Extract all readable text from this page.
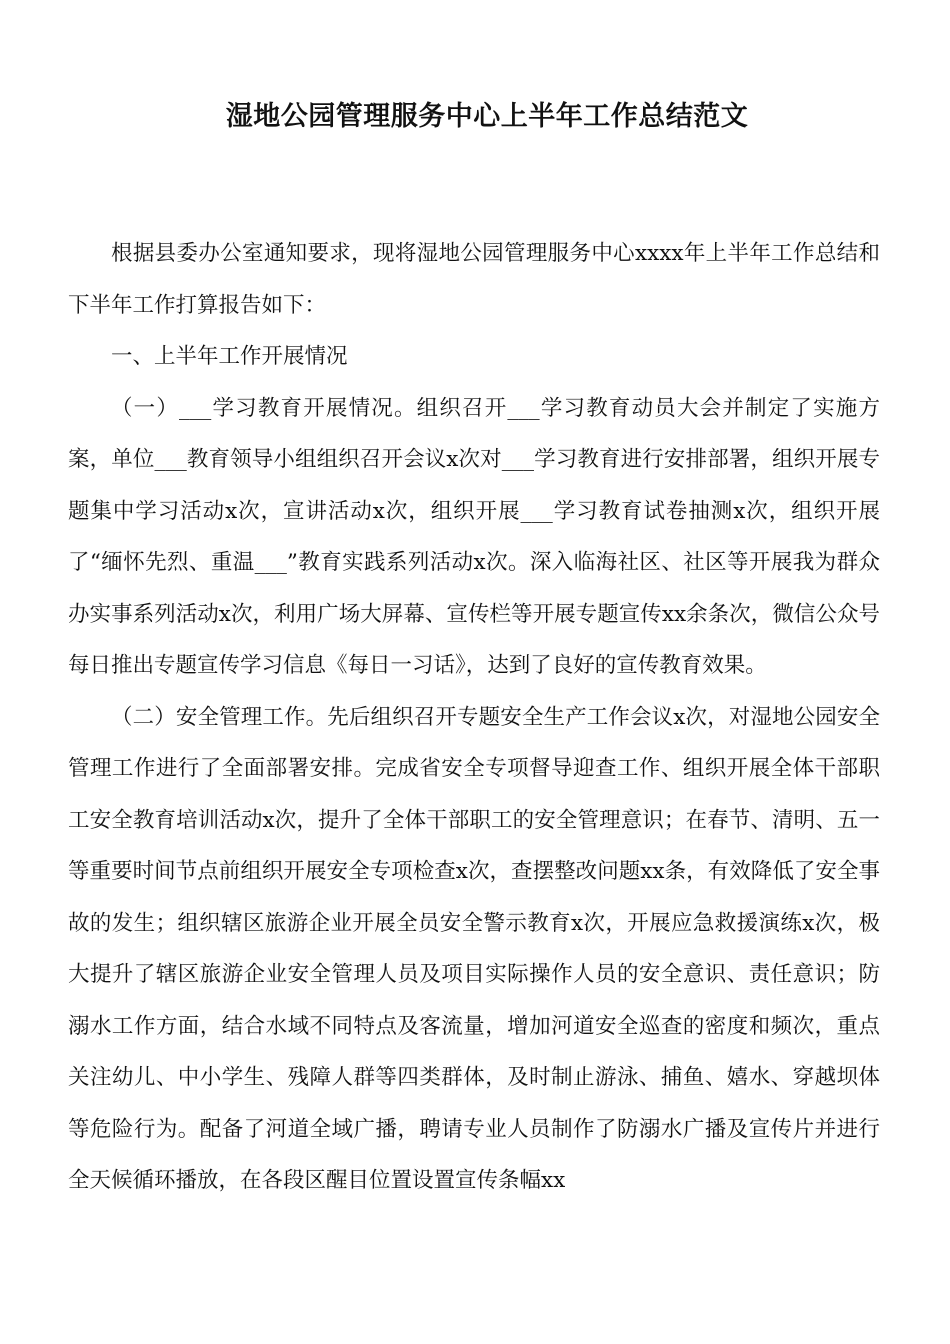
湿地公园管理服务中心上半年工作总结范文

根据县委办公室通知要求，现将湿地公园管理服务中心xxxx年上半年工作总结和下半年工作打算报告如下：

一、上半年工作开展情况

（一）___学习教育开展情况。组织召开___学习教育动员大会并制定了实施方案，单位___教育领导小组组织召开会议x次对___学习教育进行安排部署，组织开展专题集中学习活动x次，宣讲活动x次，组织开展___学习教育试卷抽测x次，组织开展了“缅怀先烈、重温___”教育实践系列活动x次。深入临海社区、社区等开展我为群众办实事系列活动x次，利用广场大屏幕、宣传栏等开展专题宣传xx余条次，微信公众号每日推出专题宣传学习信息《每日一习话》，达到了良好的宣传教育效果。

（二）安全管理工作。先后组织召开专题安全生产工作会议x次，对湿地公园安全管理工作进行了全面部署安排。完成省安全专项督导迎查工作、组织开展全体干部职工安全教育培训活动x次，提升了全体干部职工的安全管理意识；在春节、清明、五一等重要时间节点前组织开展安全专项检查x次，查摆整改问题xx条，有效降低了安全事故的发生；组织辖区旅游企业开展全员安全警示教育x次，开展应急救援演练x次，极大提升了辖区旅游企业安全管理人员及项目实际操作人员的安全意识、责任意识；防溺水工作方面，结合水域不同特点及客流量，增加河道安全巡查的密度和频次，重点关注幼儿、中小学生、残障人群等四类群体，及时制止游泳、捕鱼、嬉水、穿越坝体等危险行为。配备了河道全域广播，聘请专业人员制作了防溺水广播及宣传片并进行全天候循环播放，在各段区醒目位置设置宣传条幅xx
